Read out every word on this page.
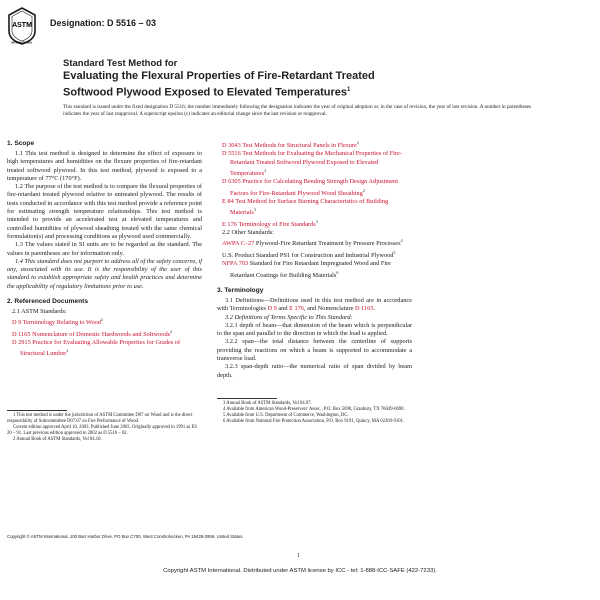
ASTM
INTERNATIONAL
Designation: D 5516 – 03
Standard Test Method for
Evaluating the Flexural Properties of Fire-Retardant Treated
Softwood Plywood Exposed to Elevated Temperatures$^1$
This standard is issued under the fixed designation D 5516; the number immediately following the designation indicates the year of original adoption or, in the case of revision, the year of last revision. A number in parentheses indicates the year of last reapproval. A superscript epsilon (ε) indicates an editorial change since the last revision or reapproval.
1. Scope
1.1 This test method is designed to determine the effect of exposure to high temperatures and humidities on the flexure properties of fire-retardant treated softwood plywood. In this test method, plywood is exposed to a temperature of 77°C (170°F).
1.2 The purpose of the test method is to compare the flexural properties of fire-retardant treated plywood relative to untreated plywood. The results of tests conducted in accordance with this test method provide a reference point for estimating strength temperature relationships. This test method is intended to provide an accelerated test at elevated temperatures and controlled humidities of plywood sheathing treated with the same chemical formulation(s) and processing conditions as plywood used commercially.
1.3 The values stated in SI units are to be regarded as the standard. The values in parentheses are for information only.
1.4 This standard does not purport to address all of the safety concerns, if any, associated with its use. It is the responsibility of the user of this standard to establish appropriate safety and health practices and determine the applicability of regulatory limitations prior to use.
2. Referenced Documents
2.1 ASTM Standards:
D 9 Terminology Relating to Wood$^2$
D 1165 Nomenclature of Domestic Hardwoods and Softwoods$^2$
D 2915 Practice for Evaluating Allowable Properties for Grades of Structural Lumber$^2$
D 3043 Test Methods for Structural Panels in Flexure$^2$
D 5516 Test Methods for Evaluating the Mechanical Properties of Fire-Retardant Treated Softwood Plywood Exposed to Elevated Temperatures$^2$
D 6305 Practice for Calculating Bending Strength Design Adjustment Factors for Fire-Retardant Plywood Wood Sheathing$^2$
E 84 Test Method for Surface Burning Characteristics of Building Materials$^3$
E 176 Terminology of Fire Standards$^3$
2.2 Other Standards:
AWPA C–27 Plywood-Fire Retardant Treatment by Pressure Processes$^4$
U.S. Product Standard PS1 for Construction and Industrial Plywood$^5$
NFPA 703 Standard for Fire Retardant Impregnated Wood and Fire Retardant Coatings for Building Materials$^6$
3. Terminology
3.1 Definitions—Definitions used in this test method are in accordance with Terminologies D 9 and E 176, and Nomenclature D 1165.
3.2 Definitions of Terms Specific to This Standard:
3.2.1 depth of beam—that dimension of the beam which is perpendicular to the span and parallel to the direction in which the load is applied.
3.2.2 span—the total distance between the centerline of supports providing the reactions on which a beam is supported to accommodate a transverse load.
3.2.3 span-depth ratio—the numerical ratio of span divided by beam depth.

1 This test method is under the jurisdiction of ASTM Committee D07 on Wood and is the direct responsibility of Subcommittee D07.07 on Fire Performance of Wood.

Current edition approved April 10, 2003. Published June 2003. Originally approved in 1991 as ES 20 – 91. Last previous edition approved in 2002 as D 5516 – 02.

2 Annual Book of ASTM Standards, Vol 04.10.

3 Annual Book of ASTM Standards, Vol 04.07.

4 Available from American Wood-Preservers' Assoc., P.O. Box 5690, Granbury, TX 76049-0690.

5 Available from U.S. Department of Commerce, Washington, DC.

6 Available from National Fire Protection Association, P.O. Box 9191, Quincy, MA 02269-9101.

Copyright © ASTM International, 100 Barr Harbor Drive, PO Box C700, West Conshohocken, PA 19428-2959, United States.
1
Copyright ASTM International. Distributed under ASTM license by ICC - tel: 1-888-ICC-SAFE (422-7233).
